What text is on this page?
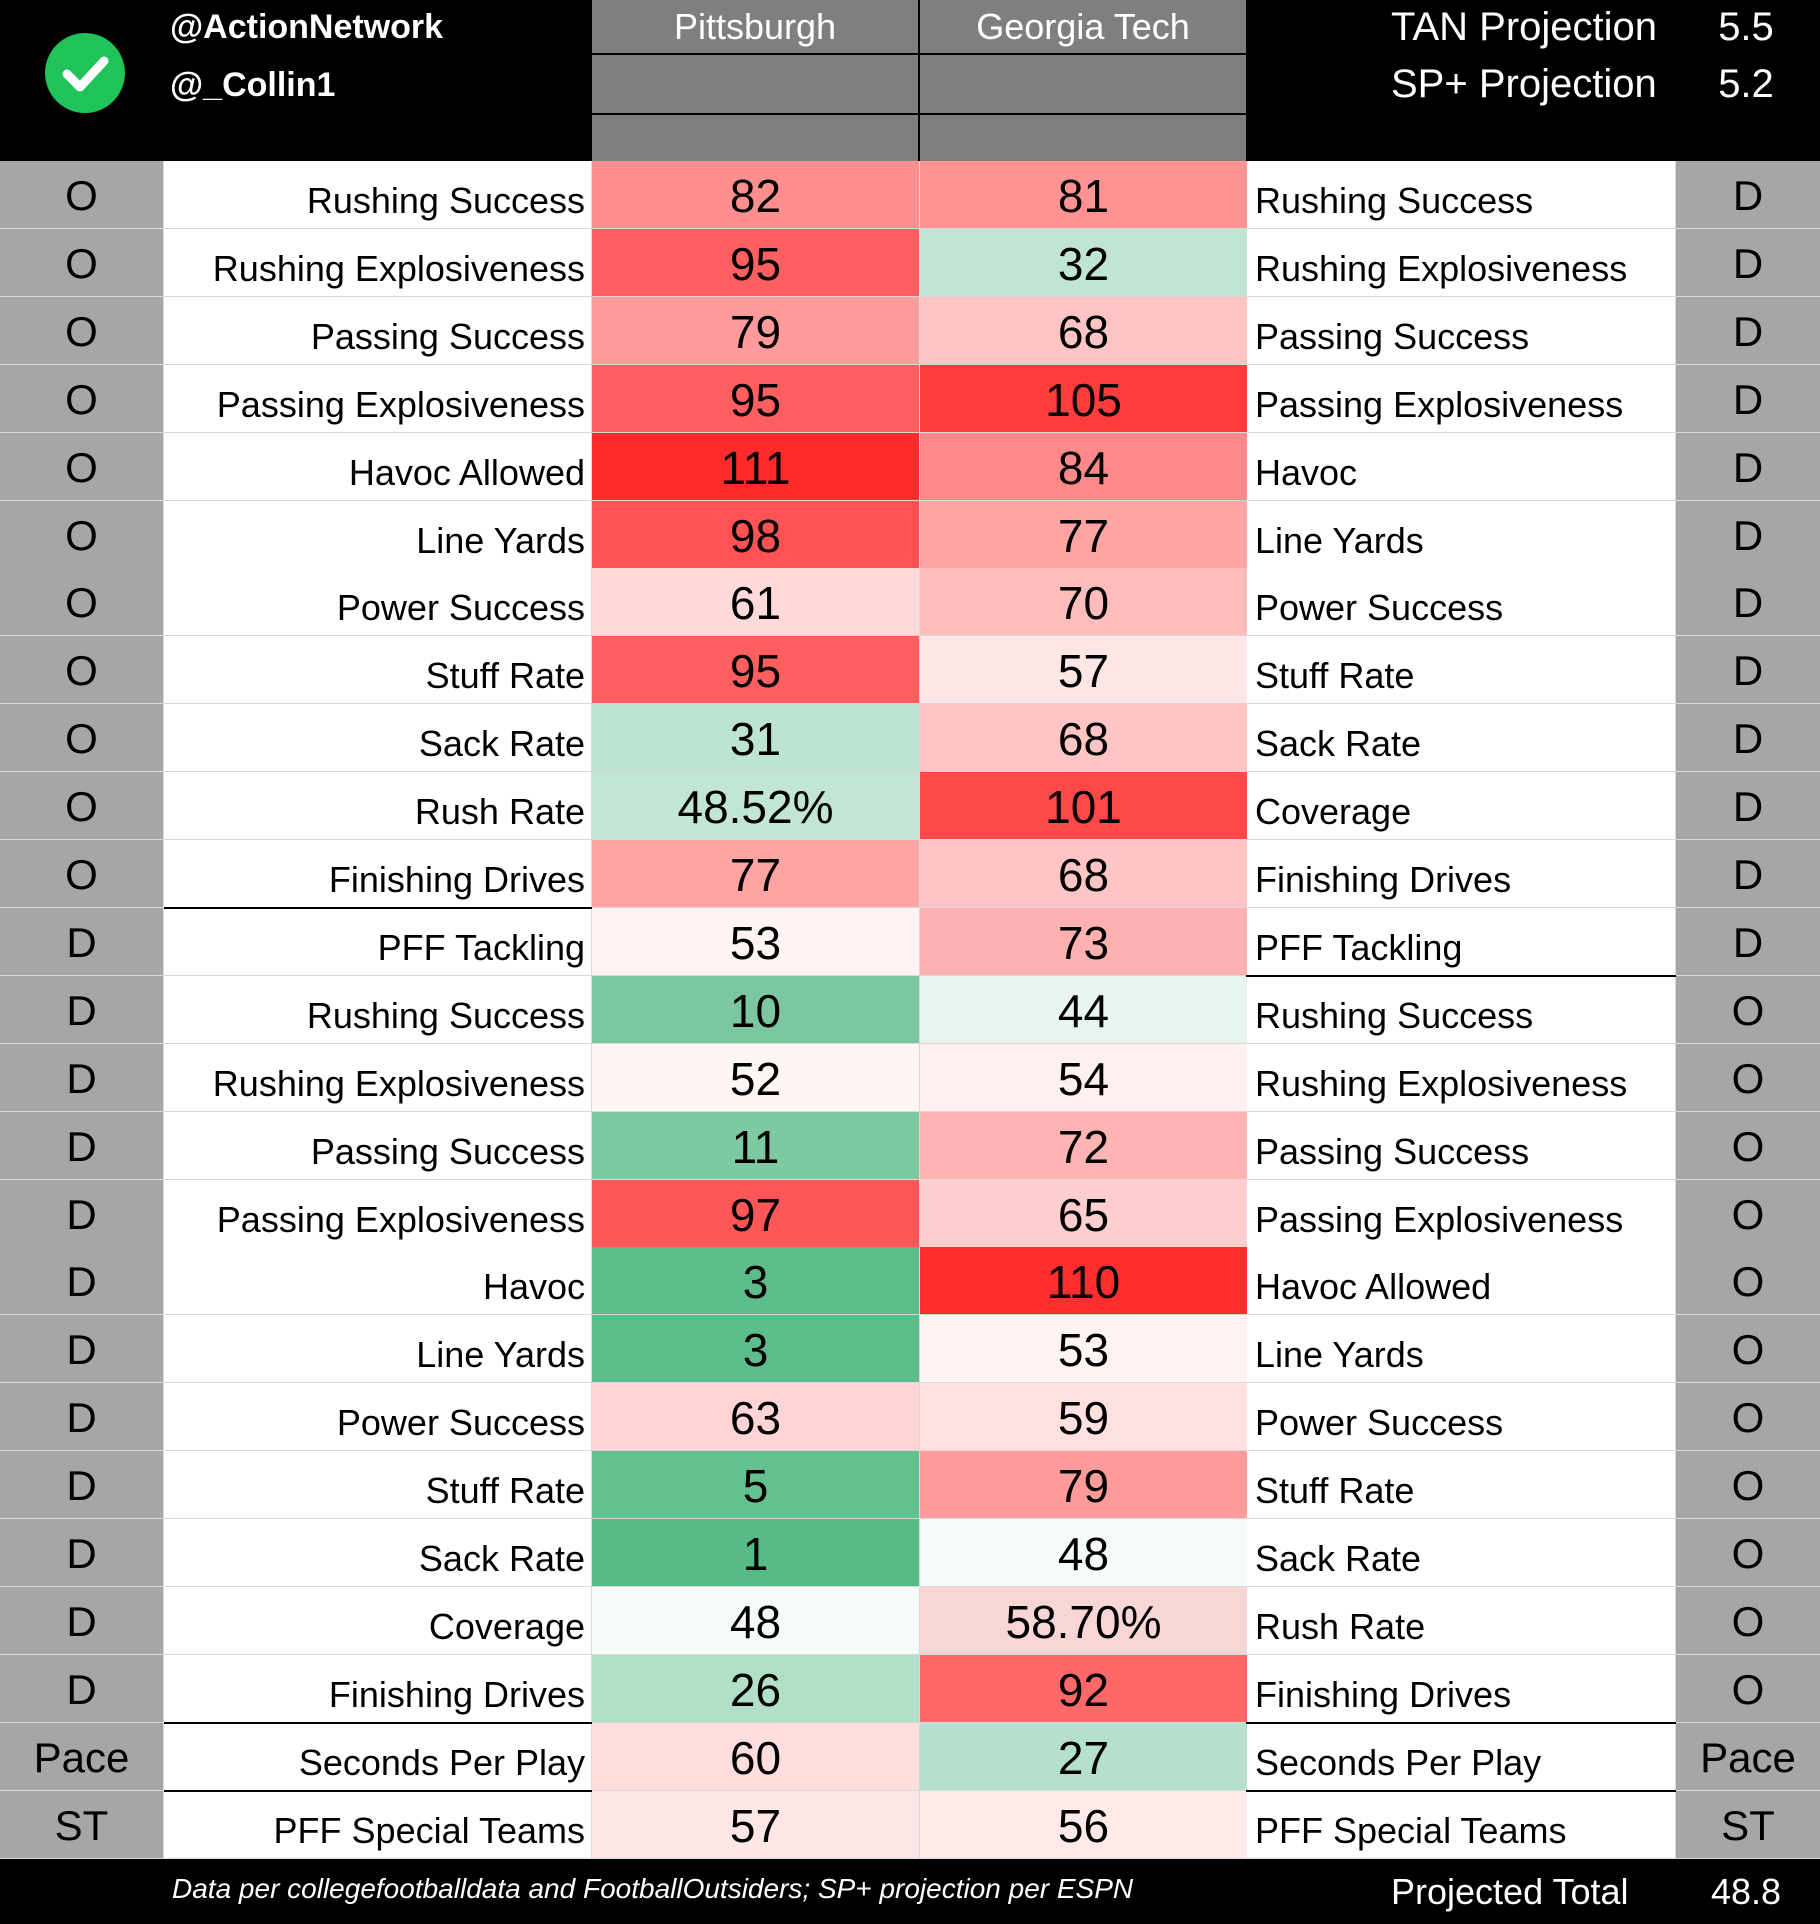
@ActionNetwork
@_Collin1
Pittsburgh	Georgia Tech	TAN Projection	5.5
SP+ Projection	5.2
O	Rushing Success	82	81	Rushing Success	D
O	Rushing Explosiveness	95	32	Rushing Explosiveness	D
O	Passing Success	79	68	Passing Success	D
O	Passing Explosiveness	95	105	Passing Explosiveness	D
O	Havoc Allowed	111	84	Havoc	D
O	Line Yards	98	77	Line Yards	D
O	Power Success	61	70	Power Success	D
O	Stuff Rate	95	57	Stuff Rate	D
O	Sack Rate	31	68	Sack Rate	D
O	Rush Rate	48.52%	101	Coverage	D
O	Finishing Drives	77	68	Finishing Drives	D
D	PFF Tackling	53	73	PFF Tackling	D
D	Rushing Success	10	44	Rushing Success	O
D	Rushing Explosiveness	52	54	Rushing Explosiveness	O
D	Passing Success	11	72	Passing Success	O
D	Passing Explosiveness	97	65	Passing Explosiveness	O
D	Havoc	3	110	Havoc Allowed	O
D	Line Yards	3	53	Line Yards	O
D	Power Success	63	59	Power Success	O
D	Stuff Rate	5	79	Stuff Rate	O
D	Sack Rate	1	48	Sack Rate	O
D	Coverage	48	58.70%	Rush Rate	O
D	Finishing Drives	26	92	Finishing Drives	O
Pace	Seconds Per Play	60	27	Seconds Per Play	Pace
ST	PFF Special Teams	57	56	PFF Special Teams	ST
Data per collegefootballdata and FootballOutsiders; SP+ projection per ESPN	Projected Total	48.8
